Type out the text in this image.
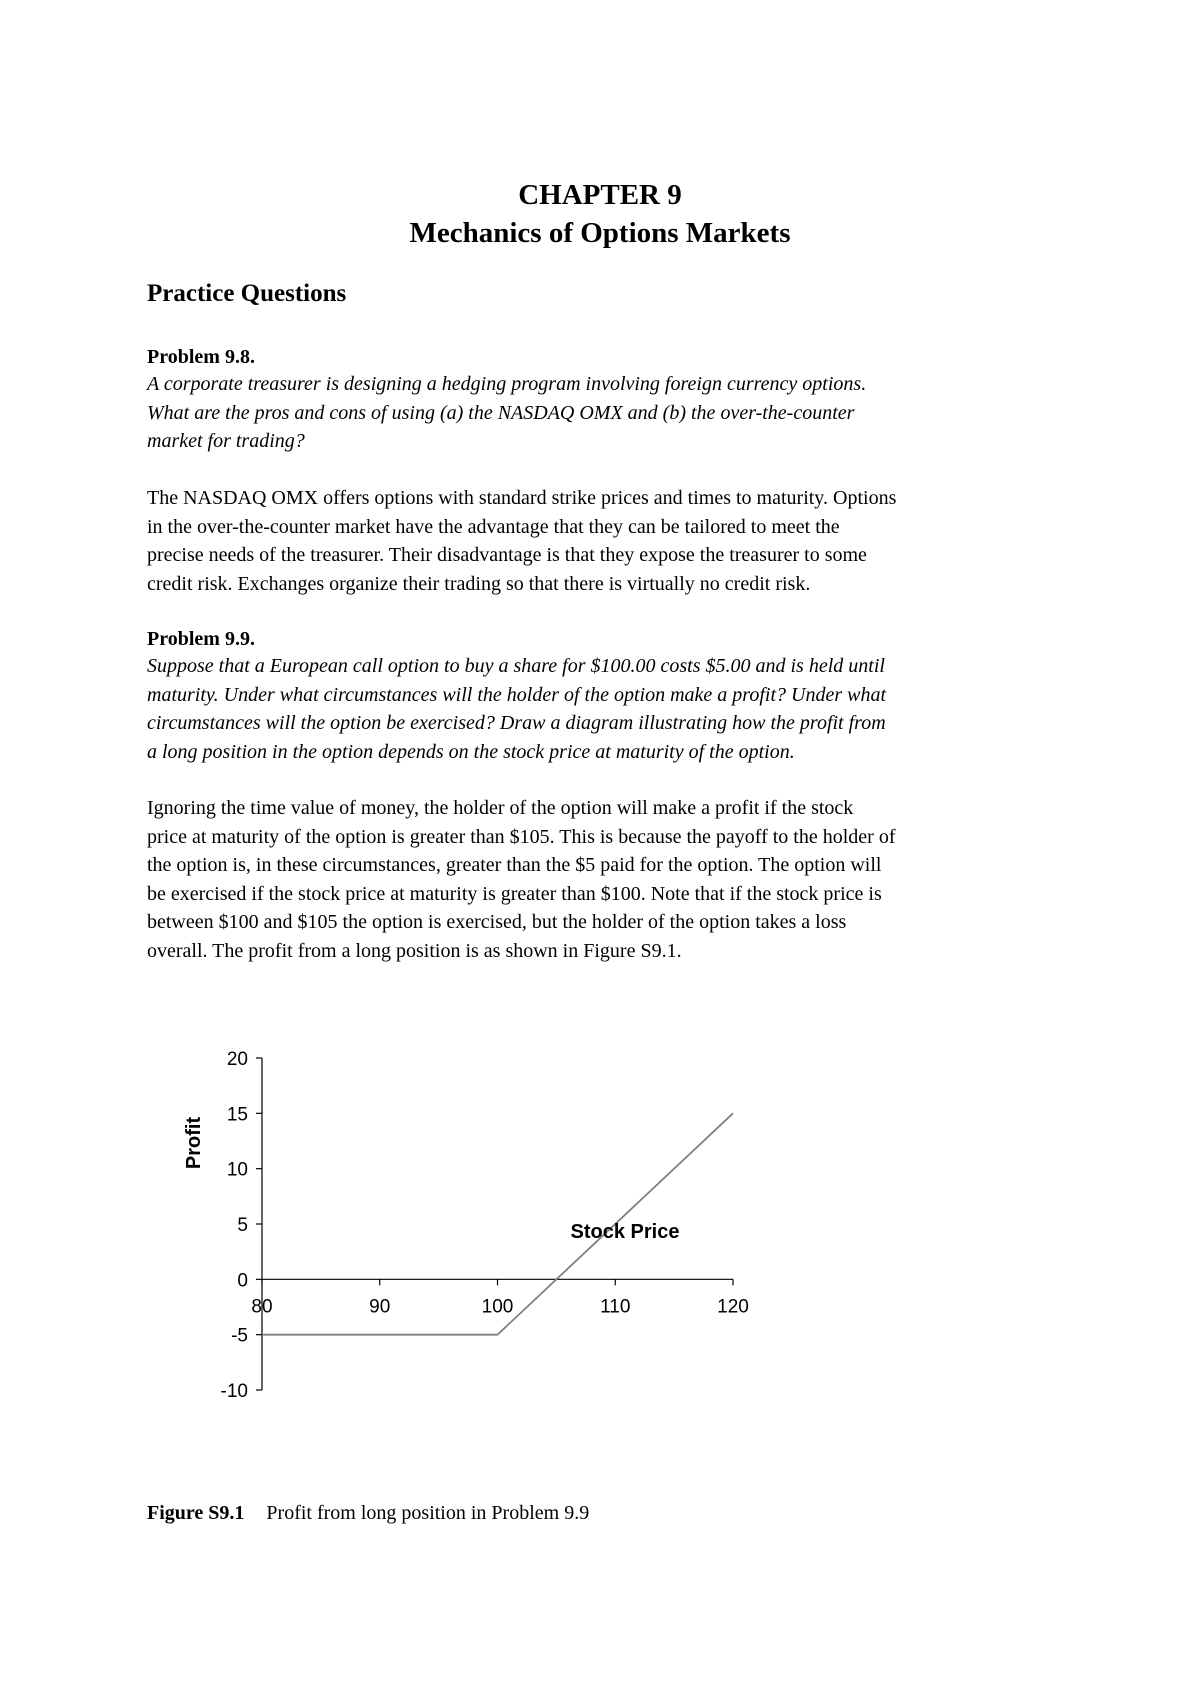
CHAPTER 9
Mechanics of Options Markets
Practice Questions
Problem 9.8.
A corporate treasurer is designing a hedging program involving foreign currency options.
What are the pros and cons of using (a) the NASDAQ OMX and (b) the over-the-counter
market for trading?
The NASDAQ OMX offers options with standard strike prices and times to maturity. Options
in the over-the-counter market have the advantage that they can be tailored to meet the
precise needs of the treasurer. Their disadvantage is that they expose the treasurer to some
credit risk. Exchanges organize their trading so that there is virtually no credit risk.
Problem 9.9.
Suppose that a European call option to buy a share for $100.00 costs $5.00 and is held until
maturity. Under what circumstances will the holder of the option make a profit? Under what
circumstances will the option be exercised? Draw a diagram illustrating how the profit from
a long position in the option depends on the stock price at maturity of the option.
Ignoring the time value of money, the holder of the option will make a profit if the stock
price at maturity of the option is greater than $105. This is because the payoff to the holder of
the option is, in these circumstances, greater than the $5 paid for the option. The option will
be exercised if the stock price at maturity is greater than $100. Note that if the stock price is
between $100 and $105 the option is exercised, but the holder of the option takes a loss
overall. The profit from a long position is as shown in Figure S9.1.
20
15
10
5
0
-5
-10
80	90	100	110	120
Profit
Stock Price
Figure S9.1 Profit from long position in Problem 9.9
